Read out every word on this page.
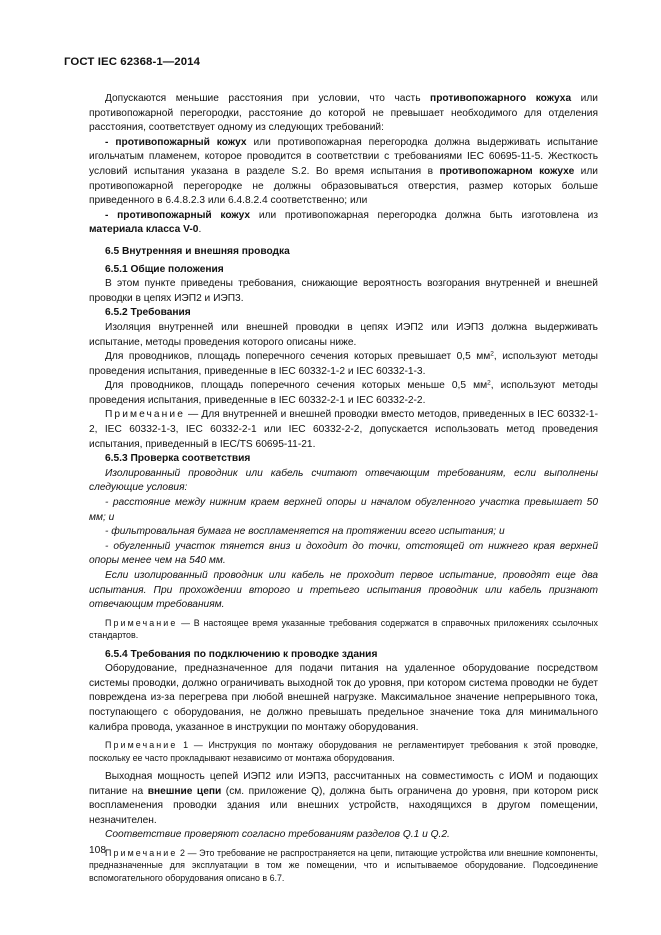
ГОСТ IEC 62368-1—2014

Допускаются меньшие расстояния при условии, что часть противопожарного кожуха или противопожарной перегородки, расстояние до которой не превышает необходимого для отделения расстояния, соответствует одному из следующих требований:

- противопожарный кожух или противопожарная перегородка должна выдерживать испытание игольчатым пламенем, которое проводится в соответствии с требованиями IEC 60695-11-5. Жесткость условий испытания указана в разделе S.2. Во время испытания в противопожарном кожухе или противопожарной перегородке не должны образовываться отверстия, размер которых больше приведенного в 6.4.8.2.3 или 6.4.8.2.4 соответственно; или

- противопожарный кожух или противопожарная перегородка должна быть изготовлена из материала класса V-0.

6.5 Внутренняя и внешняя проводка

6.5.1 Общие положения

В этом пункте приведены требования, снижающие вероятность возгорания внутренней и внешней проводки в цепях ИЭП2 и ИЭП3.

6.5.2 Требования

Изоляция внутренней или внешней проводки в цепях ИЭП2 или ИЭП3 должна выдерживать испытание, методы проведения которого описаны ниже.

Для проводников, площадь поперечного сечения которых превышает 0,5 $мм^2$, используют методы проведения испытания, приведенные в IEC 60332-1-2 и IEC 60332-1-3.

Для проводников, площадь поперечного сечения которых меньше 0,5 $мм^2$, используют методы проведения испытания, приведенные в IEC 60332-2-1 и IEC 60332-2-2.

Примечание — Для внутренней и внешней проводки вместо методов, приведенных в IEC 60332-1-2, IEC 60332-1-3, IEC 60332-2-1 или IEC 60332-2-2, допускается использовать метод проведения испытания, приведенный в IEC/TS 60695-11-21.

6.5.3 Проверка соответствия

Изолированный проводник или кабель считают отвечающим требованиям, если выполнены следующие условия:

- расстояние между нижним краем верхней опоры и началом обугленного участка превышает 50 мм; и

- фильтровальная бумага не воспламеняется на протяжении всего испытания; и

- обугленный участок тянется вниз и доходит до точки, отстоящей от нижнего края верхней опоры менее чем на 540 мм.

Если изолированный проводник или кабель не проходит первое испытание, проводят еще два испытания. При прохождении второго и третьего испытания проводник или кабель признают отвечающим требованиям.

Примечание — В настоящее время указанные требования содержатся в справочных приложениях ссылочных стандартов.

6.5.4 Требования по подключению к проводке здания

Оборудование, предназначенное для подачи питания на удаленное оборудование посредством системы проводки, должно ограничивать выходной ток до уровня, при котором система проводки не будет повреждена из-за перегрева при любой внешней нагрузке. Максимальное значение непрерывного тока, поступающего с оборудования, не должно превышать предельное значение тока для минимального калибра провода, указанное в инструкции по монтажу оборудования.

Примечание 1 — Инструкция по монтажу оборудования не регламентирует требования к этой проводке, поскольку ее часто прокладывают независимо от монтажа оборудования.

Выходная мощность цепей ИЭП2 или ИЭП3, рассчитанных на совместимость с ИОМ и подающих питание на внешние цепи (см. приложение Q), должна быть ограничена до уровня, при котором риск воспламенения проводки здания или внешних устройств, находящихся в другом помещении, незначителен.

Соответствие проверяют согласно требованиям разделов Q.1 и Q.2.

Примечание 2 — Это требование не распространяется на цепи, питающие устройства или внешние компоненты, предназначенные для эксплуатации в том же помещении, что и испытываемое оборудование. Подсоединение вспомогательного оборудования описано в 6.7.

108
